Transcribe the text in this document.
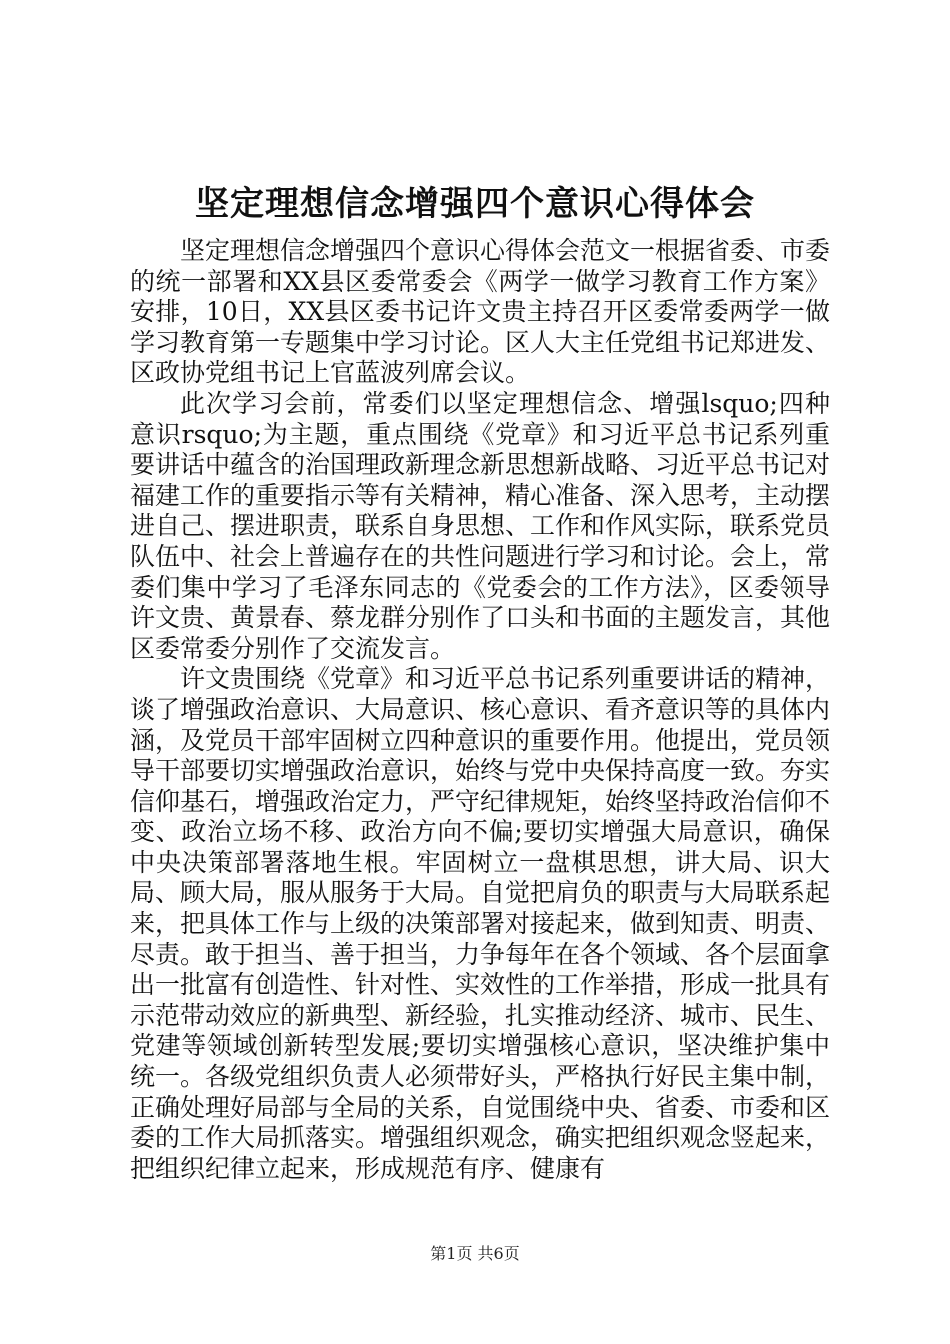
坚定理想信念增强四个意识心得体会

坚定理想信念增强四个意识心得体会范文一根据省委、市委的统一部署和XX县区委常委会《两学一做学习教育工作方案》安排，10日，XX县区委书记许文贵主持召开区委常委两学一做学习教育第一专题集中学习讨论。区人大主任党组书记郑进发、区政协党组书记上官蓝波列席会议。

此次学习会前，常委们以坚定理想信念、增强lsquo;四种意识rsquo;为主题，重点围绕《党章》和习近平总书记系列重要讲话中蕴含的治国理政新理念新思想新战略、习近平总书记对福建工作的重要指示等有关精神，精心准备、深入思考，主动摆进自己、摆进职责，联系自身思想、工作和作风实际，联系党员队伍中、社会上普遍存在的共性问题进行学习和讨论。会上，常委们集中学习了毛泽东同志的《党委会的工作方法》，区委领导许文贵、黄景春、蔡龙群分别作了口头和书面的主题发言，其他区委常委分别作了交流发言。

许文贵围绕《党章》和习近平总书记系列重要讲话的精神，谈了增强政治意识、大局意识、核心意识、看齐意识等的具体内涵，及党员干部牢固树立四种意识的重要作用。他提出，党员领导干部要切实增强政治意识，始终与党中央保持高度一致。夯实信仰基石，增强政治定力，严守纪律规矩，始终坚持政治信仰不变、政治立场不移、政治方向不偏;要切实增强大局意识，确保中央决策部署落地生根。牢固树立一盘棋思想，讲大局、识大局、顾大局，服从服务于大局。自觉把肩负的职责与大局联系起来，把具体工作与上级的决策部署对接起来，做到知责、明责、尽责。敢于担当、善于担当，力争每年在各个领域、各个层面拿出一批富有创造性、针对性、实效性的工作举措，形成一批具有示范带动效应的新典型、新经验，扎实推动经济、城市、民生、党建等领域创新转型发展;要切实增强核心意识，坚决维护集中统一。各级党组织负责人必须带好头，严格执行好民主集中制，正确处理好局部与全局的关系，自觉围绕中央、省委、市委和区委的工作大局抓落实。增强组织观念，确实把组织观念竖起来，把组织纪律立起来，形成规范有序、健康有

第1页 共6页
